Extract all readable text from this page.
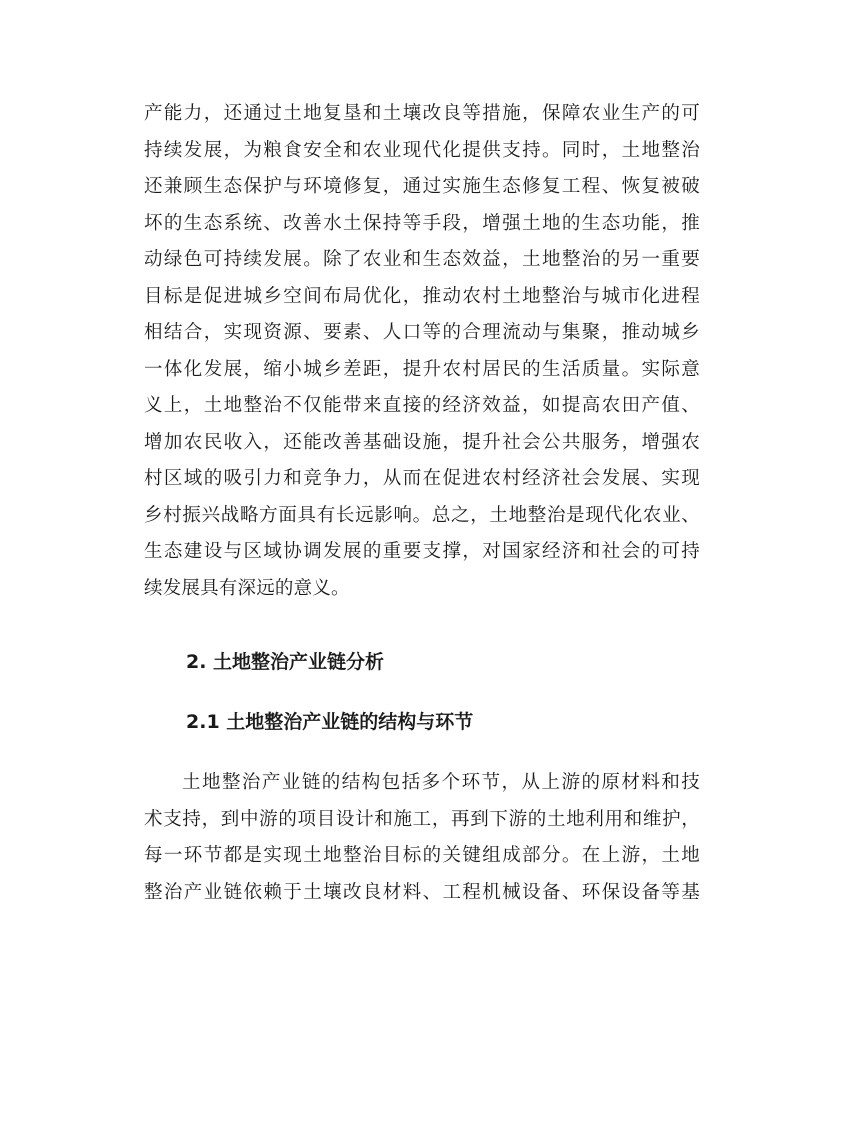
产能力，还通过土地复垦和土壤改良等措施，保障农业生产的可
持续发展，为粮食安全和农业现代化提供支持。同时，土地整治
还兼顾生态保护与环境修复，通过实施生态修复工程、恢复被破
坏的生态系统、改善水土保持等手段，增强土地的生态功能，推
动绿色可持续发展。除了农业和生态效益，土地整治的另一重要
目标是促进城乡空间布局优化，推动农村土地整治与城市化进程
相结合，实现资源、要素、人口等的合理流动与集聚，推动城乡
一体化发展，缩小城乡差距，提升农村居民的生活质量。实际意
义上，土地整治不仅能带来直接的经济效益，如提高农田产值、
增加农民收入，还能改善基础设施，提升社会公共服务，增强农
村区域的吸引力和竞争力，从而在促进农村经济社会发展、实现
乡村振兴战略方面具有长远影响。总之，土地整治是现代化农业、
生态建设与区域协调发展的重要支撑，对国家经济和社会的可持
续发展具有深远的意义。
2. 土地整治产业链分析
2.1 土地整治产业链的结构与环节
土地整治产业链的结构包括多个环节，从上游的原材料和技
术支持，到中游的项目设计和施工，再到下游的土地利用和维护，
每一环节都是实现土地整治目标的关键组成部分。在上游，土地
整治产业链依赖于土壤改良材料、工程机械设备、环保设备等基
